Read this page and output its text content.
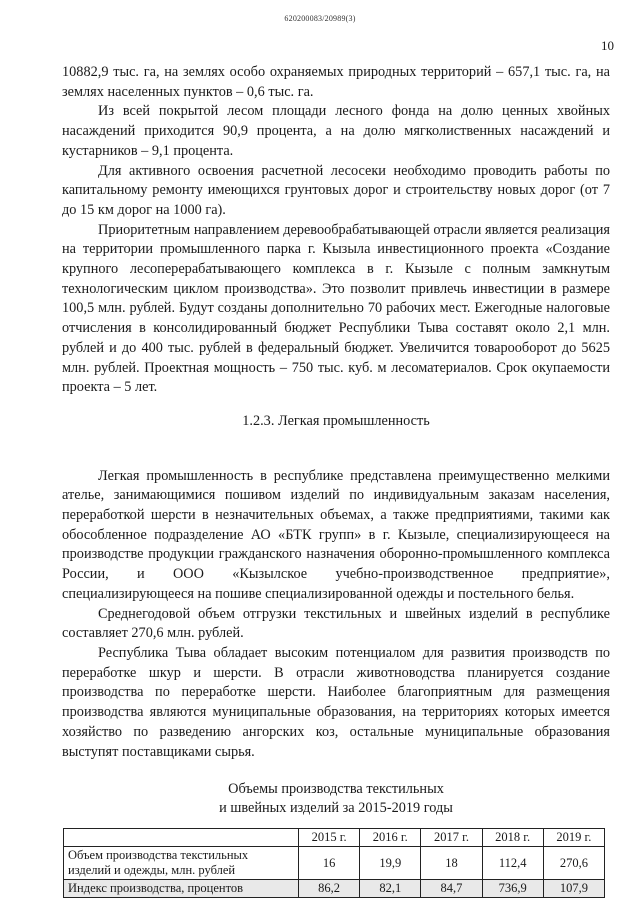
620200083/20989(3)
10

10882,9 тыс. га, на землях особо охраняемых природных территорий – 657,1 тыс. га, на землях населенных пунктов – 0,6 тыс. га.

Из всей покрытой лесом площади лесного фонда на долю ценных хвойных насаждений приходится 90,9 процента, а на долю мягколиственных насаждений и кустарников – 9,1 процента.

Для активного освоения расчетной лесосеки необходимо проводить работы по капитальному ремонту имеющихся грунтовых дорог и строительству новых дорог (от 7 до 15 км дорог на 1000 га).

Приоритетным направлением деревообрабатывающей отрасли является реализация на территории промышленного парка г. Кызыла инвестиционного проекта «Создание крупного лесоперерабатывающего комплекса в г. Кызыле с полным замкнутым технологическим циклом производства». Это позволит привлечь инвестиции в размере 100,5 млн. рублей. Будут созданы дополнительно 70 рабочих мест. Ежегодные налоговые отчисления в консолидированный бюджет Республики Тыва составят около 2,1 млн. рублей и до 400 тыс. рублей в федеральный бюджет. Увеличится товарооборот до 5625 млн. рублей. Проектная мощность – 750 тыс. куб. м лесоматериалов. Срок окупаемости проекта – 5 лет.

1.2.3. Легкая промышленность

Легкая промышленность в республике представлена преимущественно мелкими ателье, занимающимися пошивом изделий по индивидуальным заказам населения, переработкой шерсти в незначительных объемах, а также предприятиями, такими как обособленное подразделение АО «БТК групп» в г. Кызыле, специализирующееся на производстве продукции гражданского назначения оборонно-промышленного комплекса России, и ООО «Кызылское учебно-производственное предприятие», специализирующееся на пошиве специализированной одежды и постельного белья.

Среднегодовой объем отгрузки текстильных и швейных изделий в республике составляет 270,6 млн. рублей.

Республика Тыва обладает высоким потенциалом для развития производств по переработке шкур и шерсти. В отрасли животноводства планируется создание производства по переработке шерсти. Наиболее благоприятным для размещения производства являются муниципальные образования, на территориях которых имеется хозяйство по разведению ангорских коз, остальные муниципальные образования выступят поставщиками сырья.

Объемы производства текстильных
и швейных изделий за 2015-2019 годы

	2015 г.	2016 г.	2017 г.	2018 г.	2019 г.
Объем производства текстильных изделий и одежды, млн. рублей	16	19,9	18	112,4	270,6
Индекс производства, процентов	86,2	82,1	84,7	736,9	107,9
